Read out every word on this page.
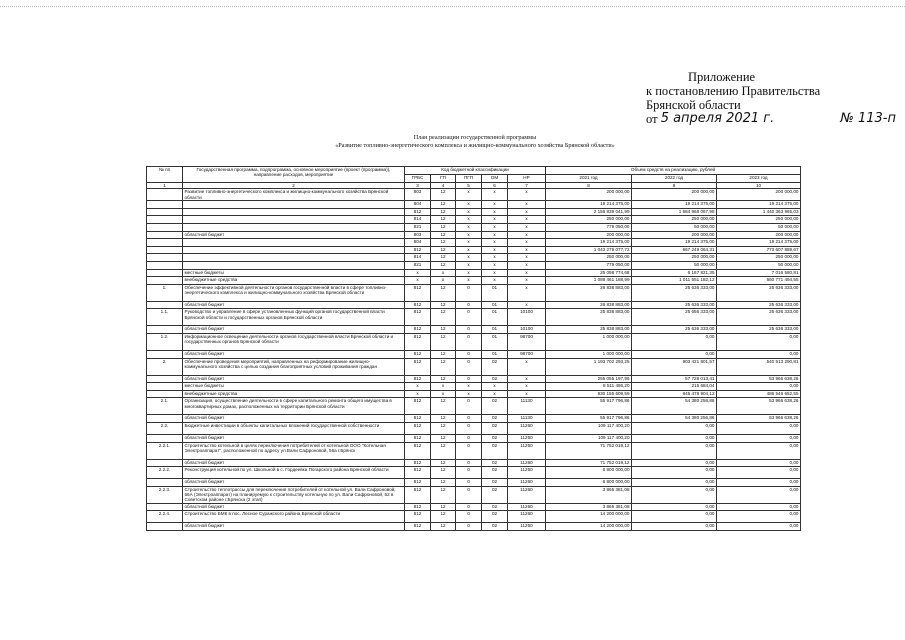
Приложение
к постановлению Правительства
Брянской области
от
5 апреля 2021 г.	№ 113-п
План реализации государственной программы
«Развитие топливно-энергетического комплекса и жилищно-коммунального хозяйства Брянской области»
№ пп	Государственная программа, подпрограмма, основное мероприятие (проект (программа)), направление расходов, мероприятие	Код бюджетной классификации					Объем средств на реализацию, рублей		
		ГРБС	ГП	ПГП	ОМ	НР	2021 год	2022 год	2023 год
1	2	3	4	5	6	7	8	9	10
	Развитие топливно-энергетического комплекса и жилищно-коммунального хозяйства Брянской области	803	12	х	х	х	200 000,00	200 000,00	200 000,00
		804	12	х	х	х	19 214 375,00	19 214 375,00	19 214 375,00
		812	12	х	х	х	2 156 839 041,99	1 684 968 067,98	1 440 363 965,03
		814	12	х	х	х	250 000,00	250 000,00	250 000,00
		821	12	х	х	х	779 050,00	50 000,00	50 000,00
	областной бюджет	803	12	х	х	х	200 000,00	200 000,00	200 000,00
		804	12	х	х	х	19 214 375,00	19 214 375,00	19 214 375,00
		812	12	х	х	х	1 043 279 077,72	667 249 064,31	773 607 889,67
		814	12	х	х	х	250 000,00	250 000,00	250 000,00
		821	12	х	х	х	779 050,00	50 000,00	50 000,00
	местные бюджеты	х	х	х	х	х	25 098 774,68	6 167 821,35	7 016 580,81
	внебюджетные средства	х	х	х	х	х	1 088 461 188,99	1 011 551 182,12	660 771 494,55
1.	Обеспечение эффективной деятельности органов государственной власти в сфере топливно-энергетического комплекса и жилищно-коммунального хозяйства Брянской области	812	12	0	01	х	26 838 883,00	25 636 333,00	25 636 333,00
	областной бюджет	812	12	0	01	х	26 838 883,00	25 636 333,00	25 636 333,00
1.1.	Руководство и управление в сфере установленных функций органов государственной власти Брянской области и государственных органов Брянской области	812	12	0	01	10100	25 838 883,00	25 656 333,00	25 636 333,00
	областной бюджет	812	12	0	01	10100	25 838 883,00	25 636 333,00	25 636 333,00
1.2.	Информационное освещение деятельности органов государственной власти Брянской области и государственных органов Брянской области	812	12	0	01	98700	1 000 000,00	0,00	0,00
	областной бюджет	812	12	0	01	98700	1 000 000,00	0,00	0,00
2.	Обеспечение проведения мероприятий, направленных на реформирование жилищно-коммунального хозяйства с целью создания благоприятных условий проживания граждан	812	12	0	02	х	1 193 702 293,25	903 421 801,57	540 513 290,81
	областной бюджет	812	12	0	02	х	255 055 197,96	57 728 013,41	53 966 638,26
	местные бюджеты	х	х	х	х	х	8 511 486,20	215 684,04	0,00
	внебюджетные средства	х	х	х	х	х	930 155 609,59	845 478 904,12	486 546 652,55
2.1.	Организация, осуществление деятельности в сфере капитального ремонта общего имущества в многоквартирных домах, расположенных на территории Брянской области	812	12	0	02	11130	55 917 796,86	54 380 256,86	53 966 638,26
	областной бюджет	812	12	0	02	11130	55 917 796,86	54 380 256,86	53 966 638,26
2.2.	Бюджетные инвестиции в объекты капитальных вложений государственной собственности	812	12	0	02	11260	109 117 400,20	0,00	0,00
	областной бюджет	812	12	0	02	11260	109 117 400,20	0,00	0,00
2.2.1.	Строительство котельной в целях переключения потребителей от котельной ООО "Котельная Электроаппарат", расположенной по адресу ул.Вали Сафроновой, 56а г.Брянск	812	12	0	02	11260	71 752 019,12	0,00	0,00
	областной бюджет	812	12	0	02	11260	71 752 019,12	0,00	0,00
2.2.2.	Реконструкция котельной по ул. Школьной в с. Гордеевка Погарского района Брянской области	812	12	0	02	11260	6 800 000,00	0,00	0,00
	областной бюджет	812	12	0	02	11260	6 800 000,00	0,00	0,00
2.2.3.	Строительство теплотрассы для переключения потребителей от котельной ул. Вали Сафроновой, 56А (Электроаппарат) на планируемую к строительству котельную по ул. Вали Сафроновой, 52 в Советском районе г.Брянска (2 этап)	812	12	0	02	11260	3 865 381,08	0,00	0,00
	областной бюджет	812	12	0	02	11260	3 865 381,08	0,00	0,00
2.2.4.	Строительство БМК в пос. Лесное Суражского района Брянской области	812	12	0	02	11260	14 200 000,00	0,00	0,00
	областной бюджет	812	12	0	02	11260	14 200 000,00	0,00	0,00
